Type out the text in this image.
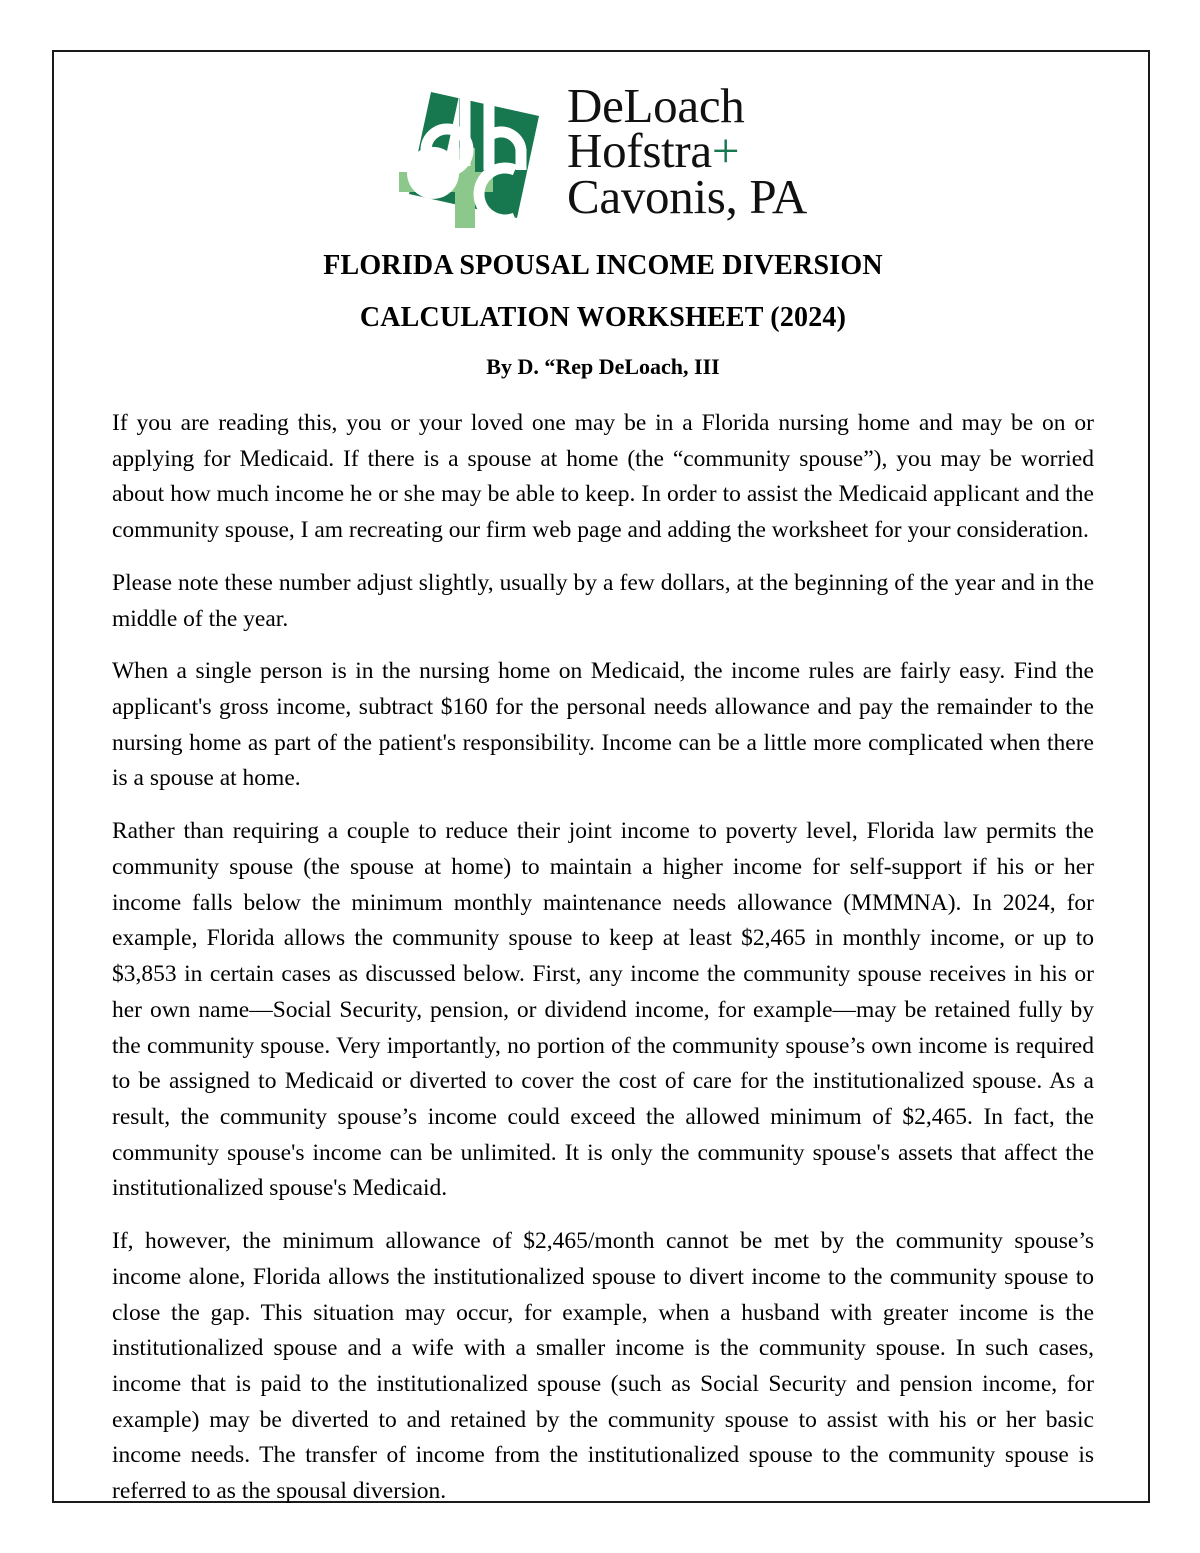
DeLoach
Hofstra+
Cavonis, PA
FLORIDA SPOUSAL INCOME DIVERSION
CALCULATION WORKSHEET (2024)
By D. “Rep DeLoach, III

If you are reading this, you or your loved one may be in a Florida nursing home and may be on or applying for Medicaid. If there is a spouse at home (the “community spouse”), you may be worried about how much income he or she may be able to keep. In order to assist the Medicaid applicant and the community spouse, I am recreating our firm web page and adding the worksheet for your consideration.

Please note these number adjust slightly, usually by a few dollars, at the beginning of the year and in the middle of the year.

When a single person is in the nursing home on Medicaid, the income rules are fairly easy. Find the applicant's gross income, subtract $160 for the personal needs allowance and pay the remainder to the nursing home as part of the patient's responsibility. Income can be a little more complicated when there is a spouse at home.

Rather than requiring a couple to reduce their joint income to poverty level, Florida law permits the community spouse (the spouse at home) to maintain a higher income for self-support if his or her income falls below the minimum monthly maintenance needs allowance (MMMNA). In 2024, for example, Florida allows the community spouse to keep at least $2,465 in monthly income, or up to $3,853 in certain cases as discussed below. First, any income the community spouse receives in his or her own name—Social Security, pension, or dividend income, for example—may be retained fully by the community spouse. Very importantly, no portion of the community spouse’s own income is required to be assigned to Medicaid or diverted to cover the cost of care for the institutionalized spouse. As a result, the community spouse’s income could exceed the allowed minimum of $2,465. In fact, the community spouse's income can be unlimited. It is only the community spouse's assets that affect the institutionalized spouse's Medicaid.

If, however, the minimum allowance of $2,465/month cannot be met by the community spouse’s income alone, Florida allows the institutionalized spouse to divert income to the community spouse to close the gap. This situation may occur, for example, when a husband with greater income is the institutionalized spouse and a wife with a smaller income is the community spouse. In such cases, income that is paid to the institutionalized spouse (such as Social Security and pension income, for example) may be diverted to and retained by the community spouse to assist with his or her basic income needs. The transfer of income from the institutionalized spouse to the community spouse is referred to as the spousal diversion.
